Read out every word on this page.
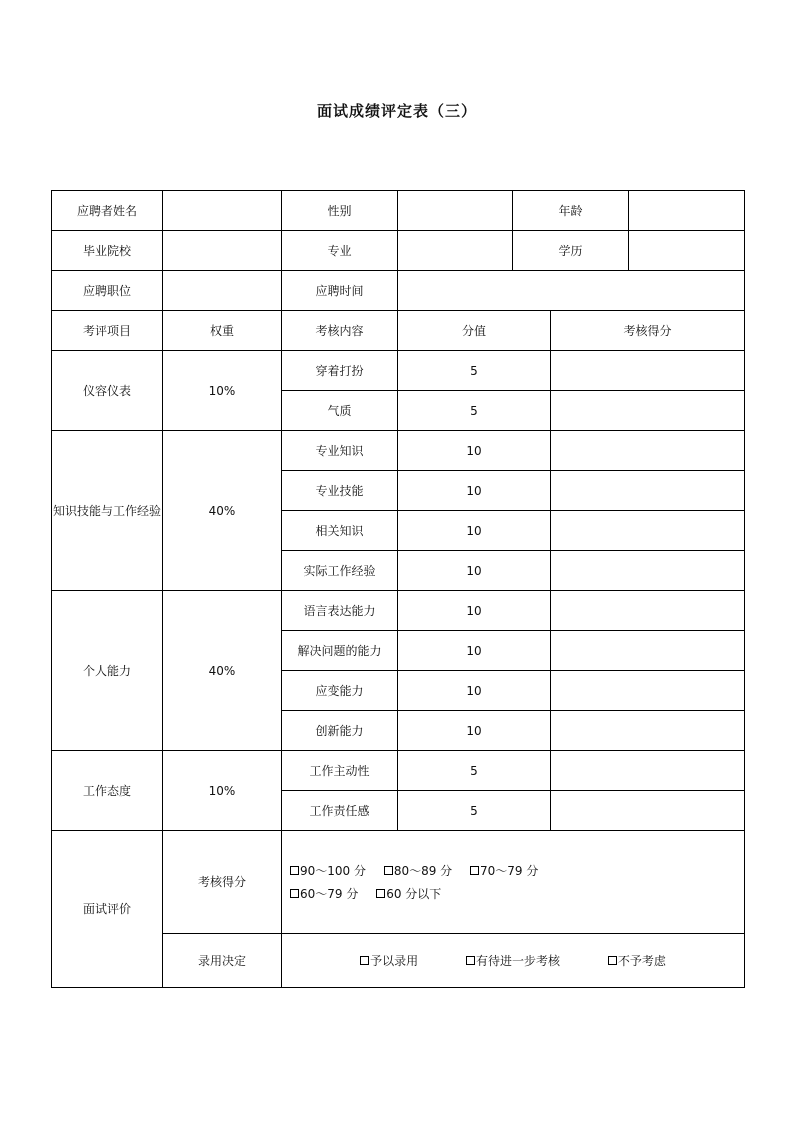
面试成绩评定表（三）
应聘者姓名		性别		年龄		
毕业院校		专业		学历		
应聘职位		应聘时间				
考评项目	权重	考核内容	分值		考核得分	
仪容仪表	10%	穿着打扮	5			
		气质	5			
知识技能与工作经验	40%	专业知识	10			
		专业技能	10			
		相关知识	10			
		实际工作经验	10			
个人能力	40%	语言表达能力	10			
		解决问题的能力	10			
		应变能力	10			
		创新能力	10			
工作态度	10%	工作主动性	5			
		工作责任感	5			
面试评价	考核得分	90～100 分 80～89 分 70～79 分
60～79 分 60 分以下				

	录用决定	予以录用 有待进一步考核 不予考虑				
